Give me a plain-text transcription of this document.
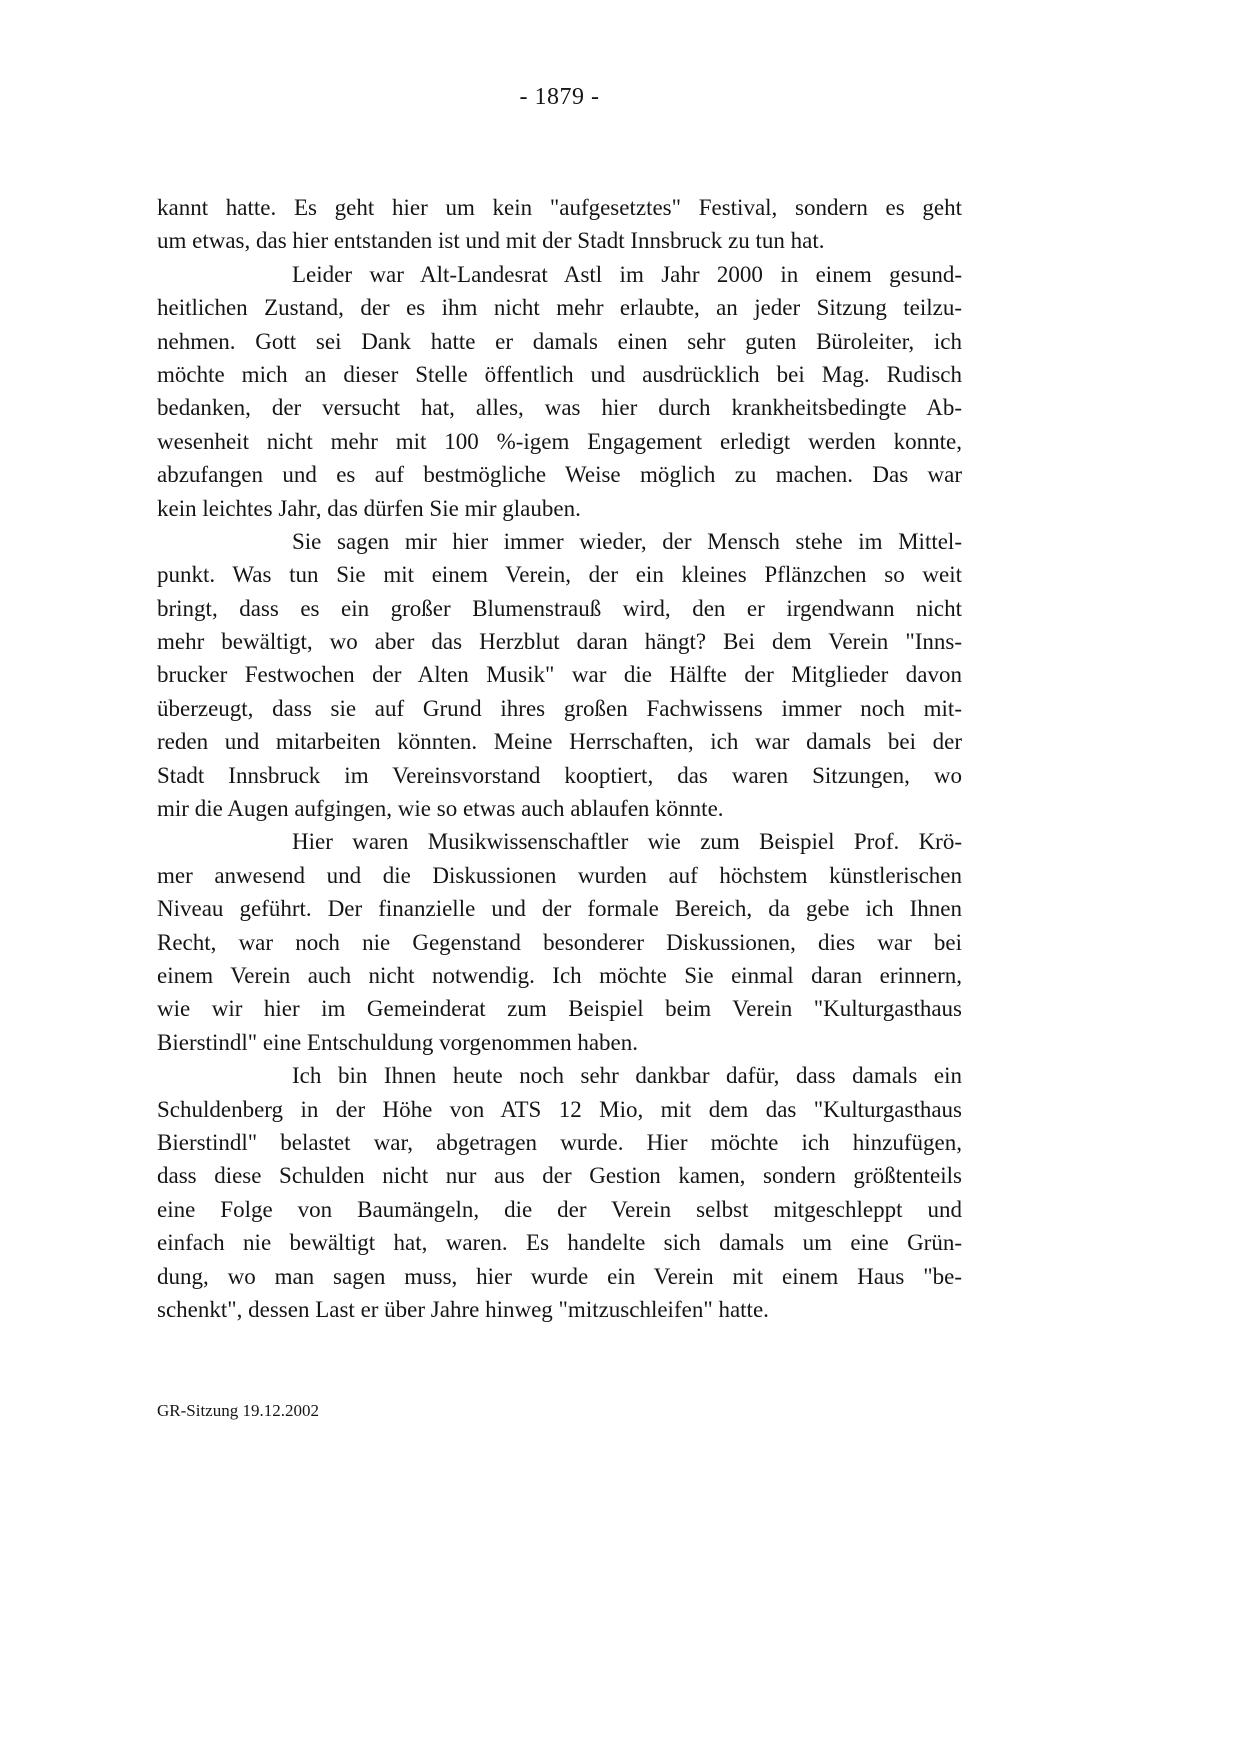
- 1879 -
kannt hatte. Es geht hier um kein "aufgesetztes" Festival, sondern es geht
um etwas, das hier entstanden ist und mit der Stadt Innsbruck zu tun hat.
Leider war Alt-Landesrat Astl im Jahr 2000 in einem gesund-
heitlichen Zustand, der es ihm nicht mehr erlaubte, an jeder Sitzung teilzu-
nehmen. Gott sei Dank hatte er damals einen sehr guten Büroleiter, ich
möchte mich an dieser Stelle öffentlich und ausdrücklich bei Mag. Rudisch
bedanken, der versucht hat, alles, was hier durch krankheitsbedingte Ab-
wesenheit nicht mehr mit 100 %-igem Engagement erledigt werden konnte,
abzufangen und es auf bestmögliche Weise möglich zu machen. Das war
kein leichtes Jahr, das dürfen Sie mir glauben.
Sie sagen mir hier immer wieder, der Mensch stehe im Mittel-
punkt. Was tun Sie mit einem Verein, der ein kleines Pflänzchen so weit
bringt, dass es ein großer Blumenstrauß wird, den er irgendwann nicht
mehr bewältigt, wo aber das Herzblut daran hängt? Bei dem Verein "Inns-
brucker Festwochen der Alten Musik" war die Hälfte der Mitglieder davon
überzeugt, dass sie auf Grund ihres großen Fachwissens immer noch mit-
reden und mitarbeiten könnten. Meine Herrschaften, ich war damals bei der
Stadt Innsbruck im Vereinsvorstand kooptiert, das waren Sitzungen, wo
mir die Augen aufgingen, wie so etwas auch ablaufen könnte.
Hier waren Musikwissenschaftler wie zum Beispiel Prof. Krö-
mer anwesend und die Diskussionen wurden auf höchstem künstlerischen
Niveau geführt. Der finanzielle und der formale Bereich, da gebe ich Ihnen
Recht, war noch nie Gegenstand besonderer Diskussionen, dies war bei
einem Verein auch nicht notwendig. Ich möchte Sie einmal daran erinnern,
wie wir hier im Gemeinderat zum Beispiel beim Verein "Kulturgasthaus
Bierstindl" eine Entschuldung vorgenommen haben.
Ich bin Ihnen heute noch sehr dankbar dafür, dass damals ein
Schuldenberg in der Höhe von ATS 12 Mio, mit dem das "Kulturgasthaus
Bierstindl" belastet war, abgetragen wurde. Hier möchte ich hinzufügen,
dass diese Schulden nicht nur aus der Gestion kamen, sondern größtenteils
eine Folge von Baumängeln, die der Verein selbst mitgeschleppt und
einfach nie bewältigt hat, waren. Es handelte sich damals um eine Grün-
dung, wo man sagen muss, hier wurde ein Verein mit einem Haus "be-
schenkt", dessen Last er über Jahre hinweg "mitzuschleifen" hatte.
GR-Sitzung 19.12.2002
